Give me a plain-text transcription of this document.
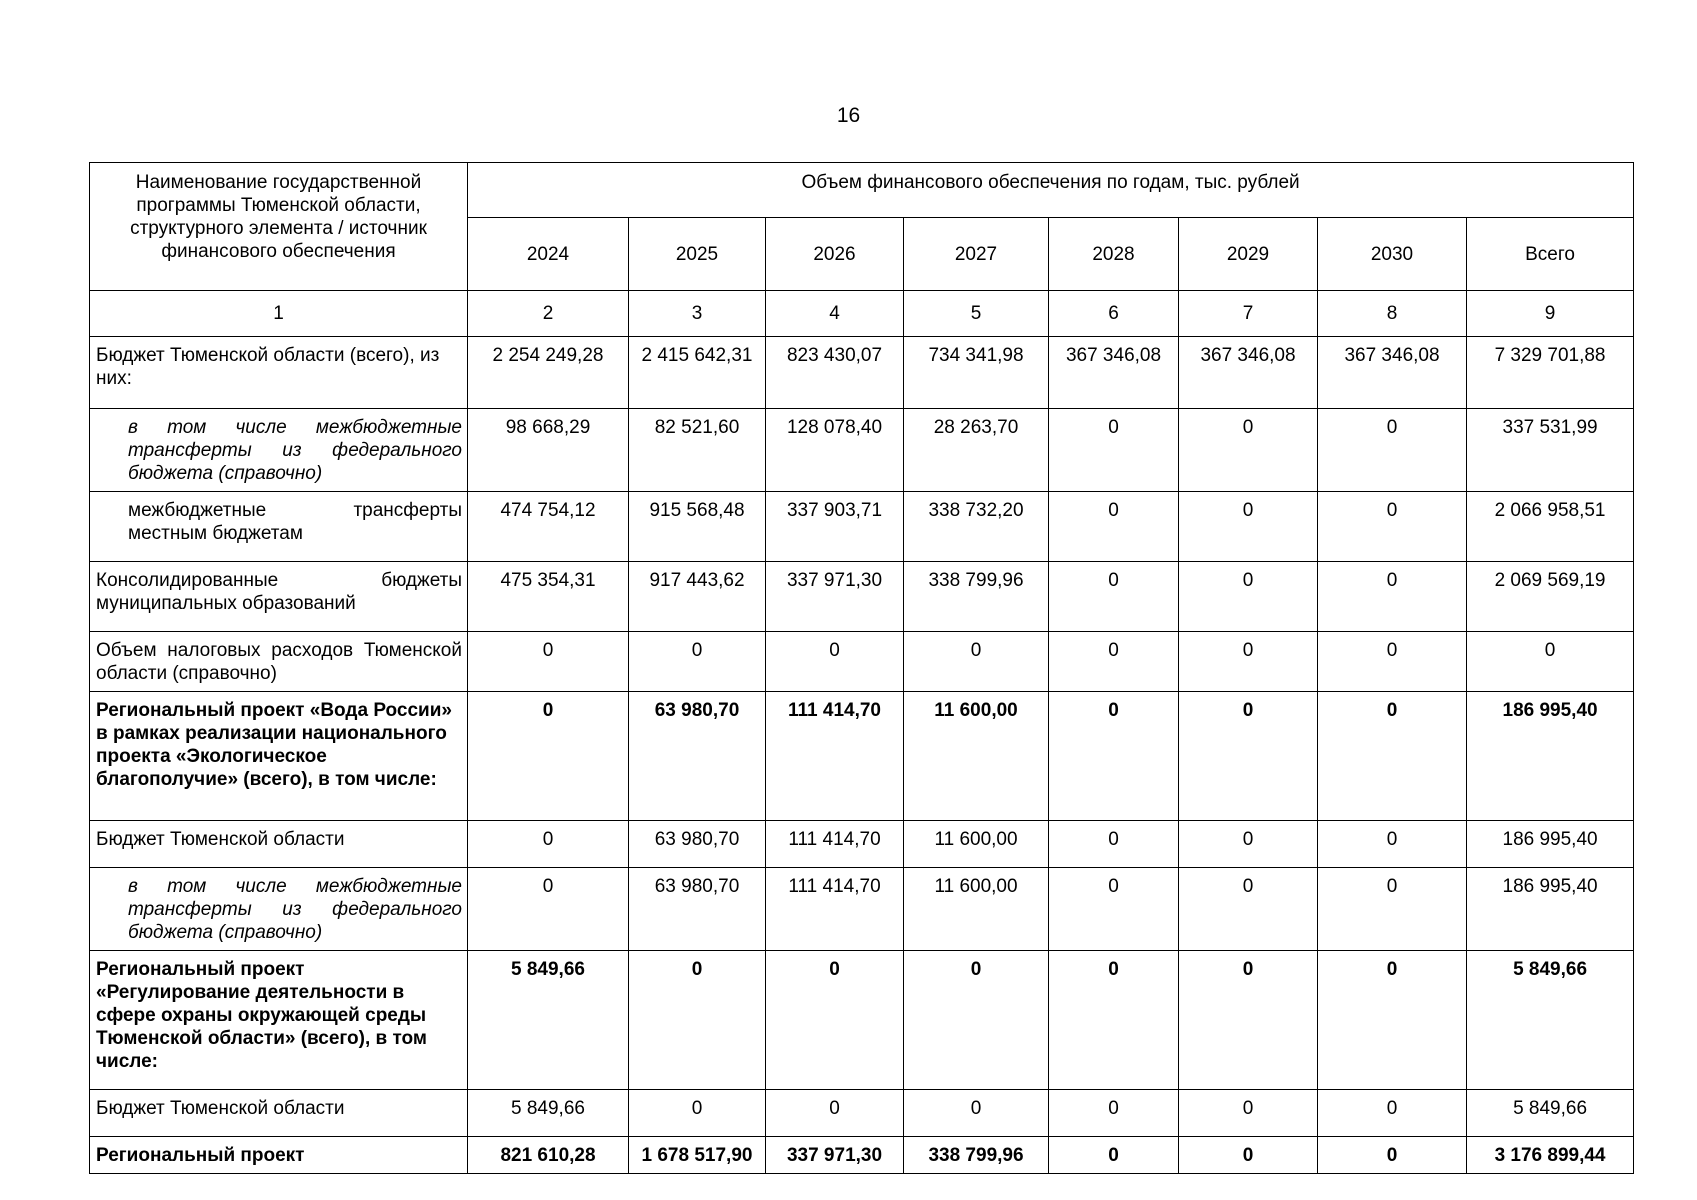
16
Наименование государственной программы Тюменской области, структурного элемента / источник финансового обеспечения	Объем финансового обеспечения по годам, тыс. рублей							
	2024	2025	2026	2027	2028	2029	2030	Всего
1	2	3	4	5	6	7	8	9
Бюджет Тюменской области (всего), из них:	2 254 249,28	2 415 642,31	823 430,07	734 341,98	367 346,08	367 346,08	367 346,08	7 329 701,88
в том числе межбюджетные трансферты из федерального бюджета (справочно)	98 668,29	82 521,60	128 078,40	28 263,70	0	0	0	337 531,99
межбюджетные трансферты местным бюджетам	474 754,12	915 568,48	337 903,71	338 732,20	0	0	0	2 066 958,51
Консолидированные бюджеты муниципальных образований	475 354,31	917 443,62	337 971,30	338 799,96	0	0	0	2 069 569,19
Объем налоговых расходов Тюменской области (справочно)	0	0	0	0	0	0	0	0
Региональный проект «Вода России» в рамках реализации национального проекта «Экологическое благополучие» (всего), в том числе:	0	63 980,70	111 414,70	11 600,00	0	0	0	186 995,40
Бюджет Тюменской области	0	63 980,70	111 414,70	11 600,00	0	0	0	186 995,40
в том числе межбюджетные трансферты из федерального бюджета (справочно)	0	63 980,70	111 414,70	11 600,00	0	0	0	186 995,40
Региональный проект «Регулирование деятельности в сфере охраны окружающей среды Тюменской области» (всего), в том числе:	5 849,66	0	0	0	0	0	0	5 849,66
Бюджет Тюменской области	5 849,66	0	0	0	0	0	0	5 849,66
Региональный проект	821 610,28	1 678 517,90	337 971,30	338 799,96	0	0	0	3 176 899,44
